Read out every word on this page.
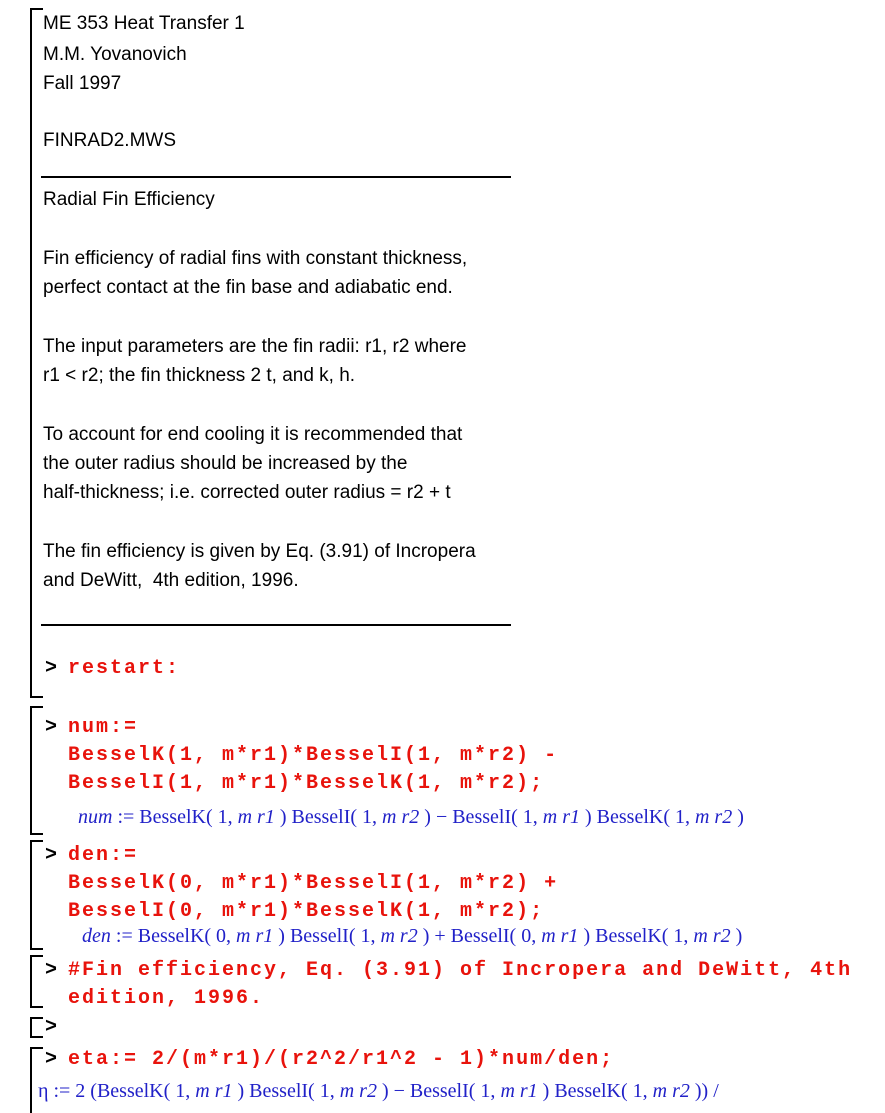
ME 353 Heat Transfer 1
M.M. Yovanovich
Fall 1997
FINRAD2.MWS
Radial Fin Efficiency
Fin efficiency of radial fins with constant thickness,
perfect contact at the fin base and adiabatic end.
The input parameters are the fin radii: r1, r2 where
r1 < r2; the fin thickness 2 t, and k, h.
To account for end cooling it is recommended that
the outer radius should be increased by the
half-thickness; i.e. corrected outer radius = r2 + t
The fin efficiency is given by Eq. (3.91) of Incropera
and DeWitt,  4th edition, 1996.
> restart:
> num:=
BesselK(1, m*r1)*BesselI(1, m*r2) -
BesselI(1, m*r1)*BesselK(1, m*r2);
num := BesselK( 1, m r1 ) BesselI( 1, m r2 ) − BesselI( 1, m r1 ) BesselK( 1, m r2 )
> den:=
BesselK(0, m*r1)*BesselI(1, m*r2) +
BesselI(0, m*r1)*BesselK(1, m*r2);
den := BesselK( 0, m r1 ) BesselI( 1, m r2 ) + BesselI( 0, m r1 ) BesselK( 1, m r2 )
> #Fin efficiency, Eq. (3.91) of Incropera and DeWitt, 4th
edition, 1996.
>
> eta:= 2/(m*r1)/(r2^2/r1^2 - 1)*num/den;
η := 2 (BesselK( 1, m r1 ) BesselI( 1, m r2 ) − BesselI( 1, m r1 ) BesselK( 1, m r2 )) /
